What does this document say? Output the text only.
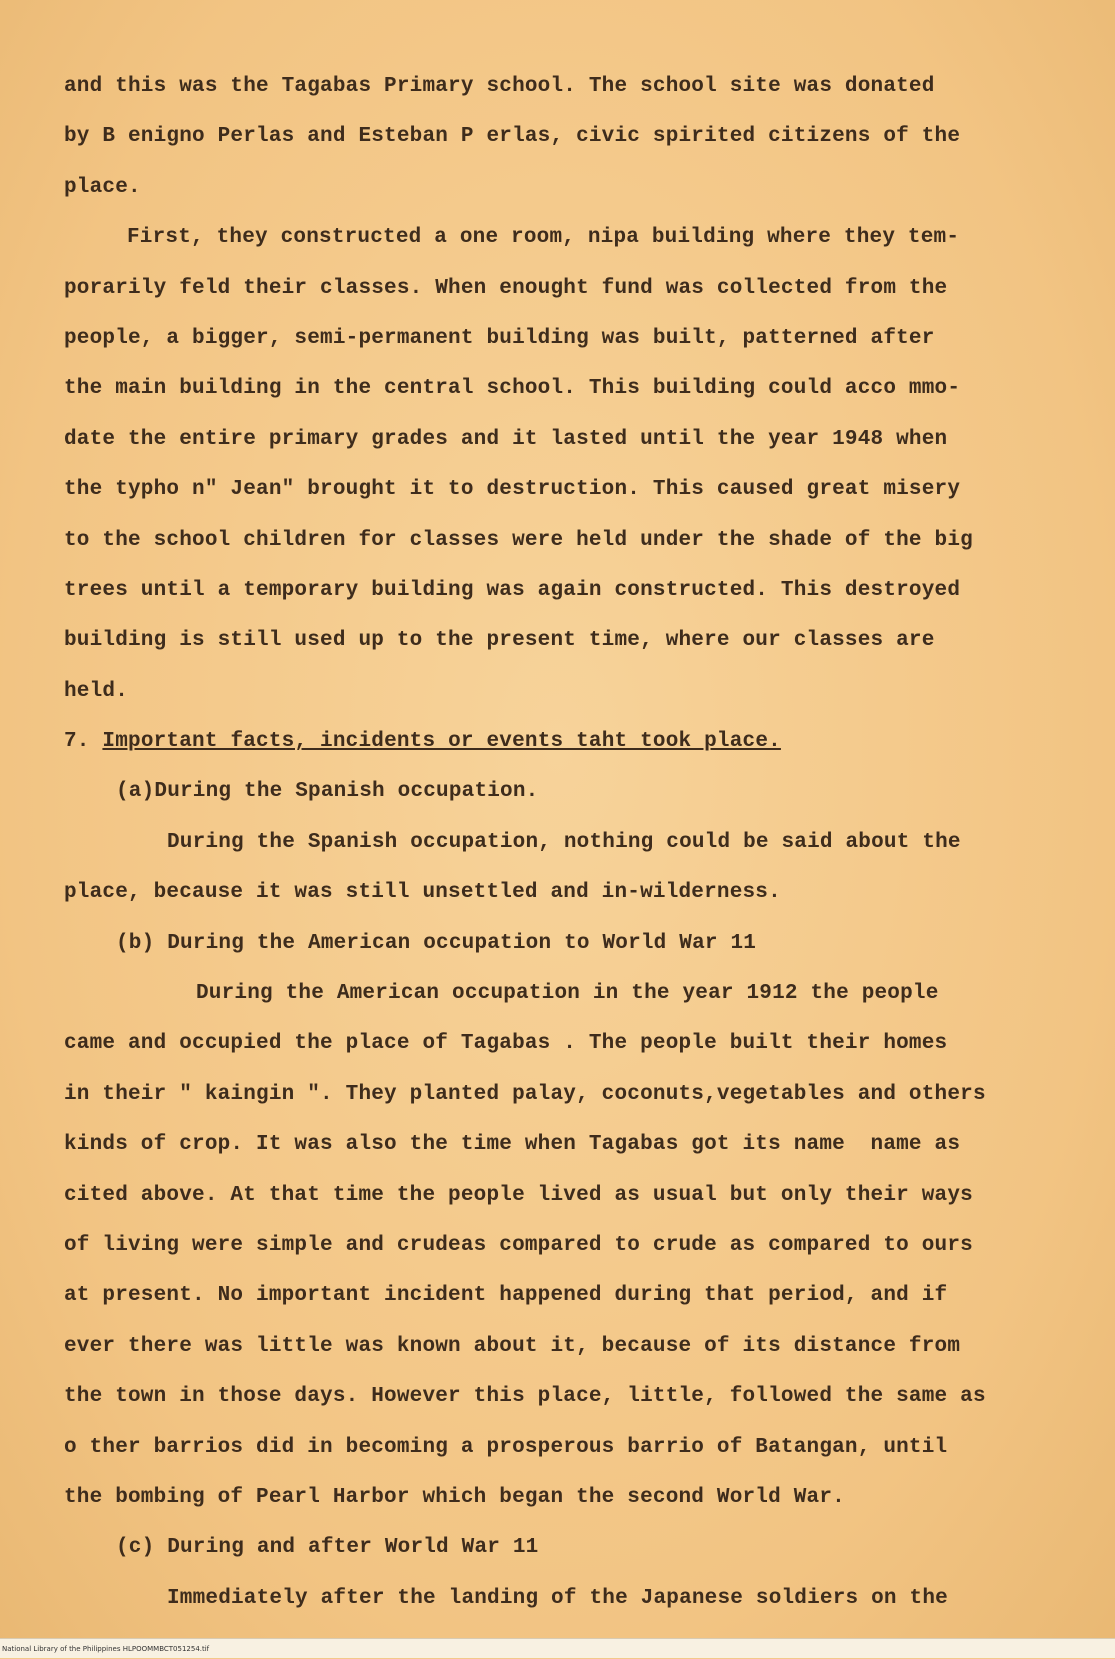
and this was the Tagabas Primary school. The school site was donated
by B enigno Perlas and Esteban P erlas, civic spirited citizens of the
place.
First, they constructed a one room, nipa building where they tem-
porarily feld their classes. When enought fund was collected from the
people, a bigger, semi-permanent building was built, patterned after
the main building in the central school. This building could acco mmo-
date the entire primary grades and it lasted until the year 1948 when
the typho n" Jean" brought it to destruction. This caused great misery
to the school children for classes were held under the shade of the big
trees until a temporary building was again constructed. This destroyed
building is still used up to the present time, where our classes are
held.
7. Important facts, incidents or events taht took place.
(a)During the Spanish occupation.
During the Spanish occupation, nothing could be said about the
place, because it was still unsettled and in-wilderness.
(b) During the American occupation to World War 11
During the American occupation in the year 1912 the people
came and occupied the place of Tagabas . The people built their homes
in their " kaingin ". They planted palay, coconuts,vegetables and others
kinds of crop. It was also the time when Tagabas got its name  name as
cited above. At that time the people lived as usual but only their ways
of living were simple and crudeas compared to crude as compared to ours
at present. No important incident happened during that period, and if
ever there was little was known about it, because of its distance from
the town in those days. However this place, little, followed the same as
o ther barrios did in becoming a prosperous barrio of Batangan, until
the bombing of Pearl Harbor which began the second World War.
(c) During and after World War 11
Immediately after the landing of the Japanese soldiers on the
National Library of the Philippines HLPOOMMBCT051254.tif
